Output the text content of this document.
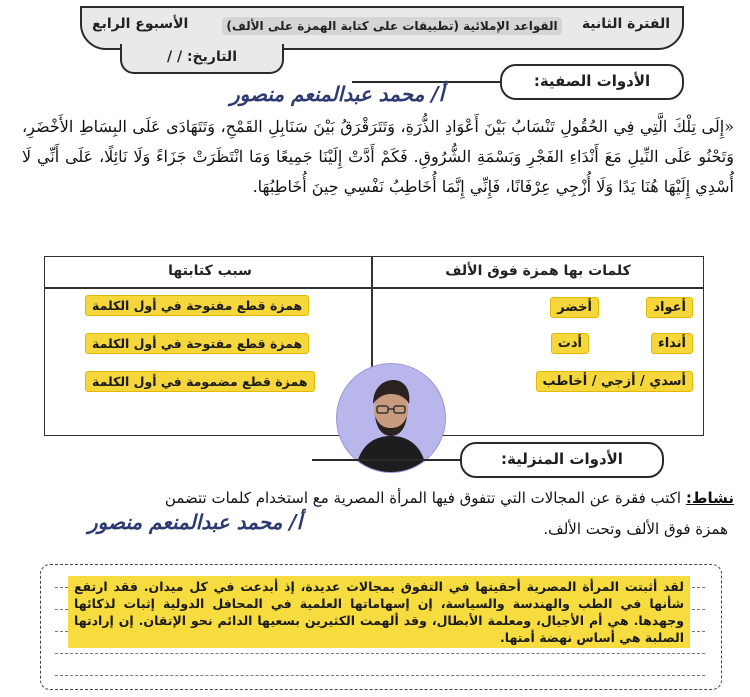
الفترة الثانية
القواعد الإملائية (تطبيقات على كتابة الهمزة على الألف)
الأسبوع الرابع
التاريخ: / /
الأدوات الصفية:
أ/ محمد عبدالمنعم منصور
«إِلَى تِلْكَ الَّتِي فِي الحُقُولِ تَنْسَابُ بَيْنَ أَعْوَادِ الذُّرَةِ، وَتَتَرَقْرَقُ بَيْنَ سَنَابِلِ القَمْحِ، وَتَتَهَادَى عَلَى البِسَاطِ الأَخْضَرِ، وَتَحْنُو عَلَى النِّيلِ مَعَ أَنْدَاءِ الفَجْرِ وَبَسْمَةِ الشُّرُوقِ. فَكَمْ أَدَّتْ إِلَيْنَا جَمِيعًا وَمَا انْتَظَرَتْ جَزَاءً وَلَا نَائِلًا، عَلَى أَنِّي لَا أُسْدِي إِلَيْهَا هُنَا يَدًا وَلَا أُزْجِي عِرْفَانًا، فَإِنِّي إِنَّمَا أُخَاطِبُ نَفْسِي حِينَ أُخَاطِبُهَا.
كلمات بها همزة فوق الألف
سبب كتابتها
أعواد
أخضر
أنداء
أدت
أسدي / أزجي / أخاطب
همزة قطع مفتوحة في أول الكلمة
همزة قطع مفتوحة في أول الكلمة
همزة قطع مضمومة في أول الكلمة
الأدوات المنزلية:
نشاط: اكتب فقرة عن المجالات التي تتفوق فيها المرأة المصرية مع استخدام كلمات تتضمن
همزة فوق الألف وتحت الألف.
أ/ محمد عبدالمنعم منصور
لقد أثبتت المرأة المصرية أحقيتها في التفوق بمجالات عديدة، إذ أبدعت في كل ميدان. فقد ارتفع شأنها في الطب والهندسة والسياسة، إن إسهاماتها العلمية في المحافل الدولية إثبات لذكائها وجهدها. هي أم الأجيال، ومعلمة الأبطال، وقد ألهمت الكثيرين بسعيها الدائم نحو الإتقان. إن إرادتها الصلبة هي أساس نهضة أمتها.
